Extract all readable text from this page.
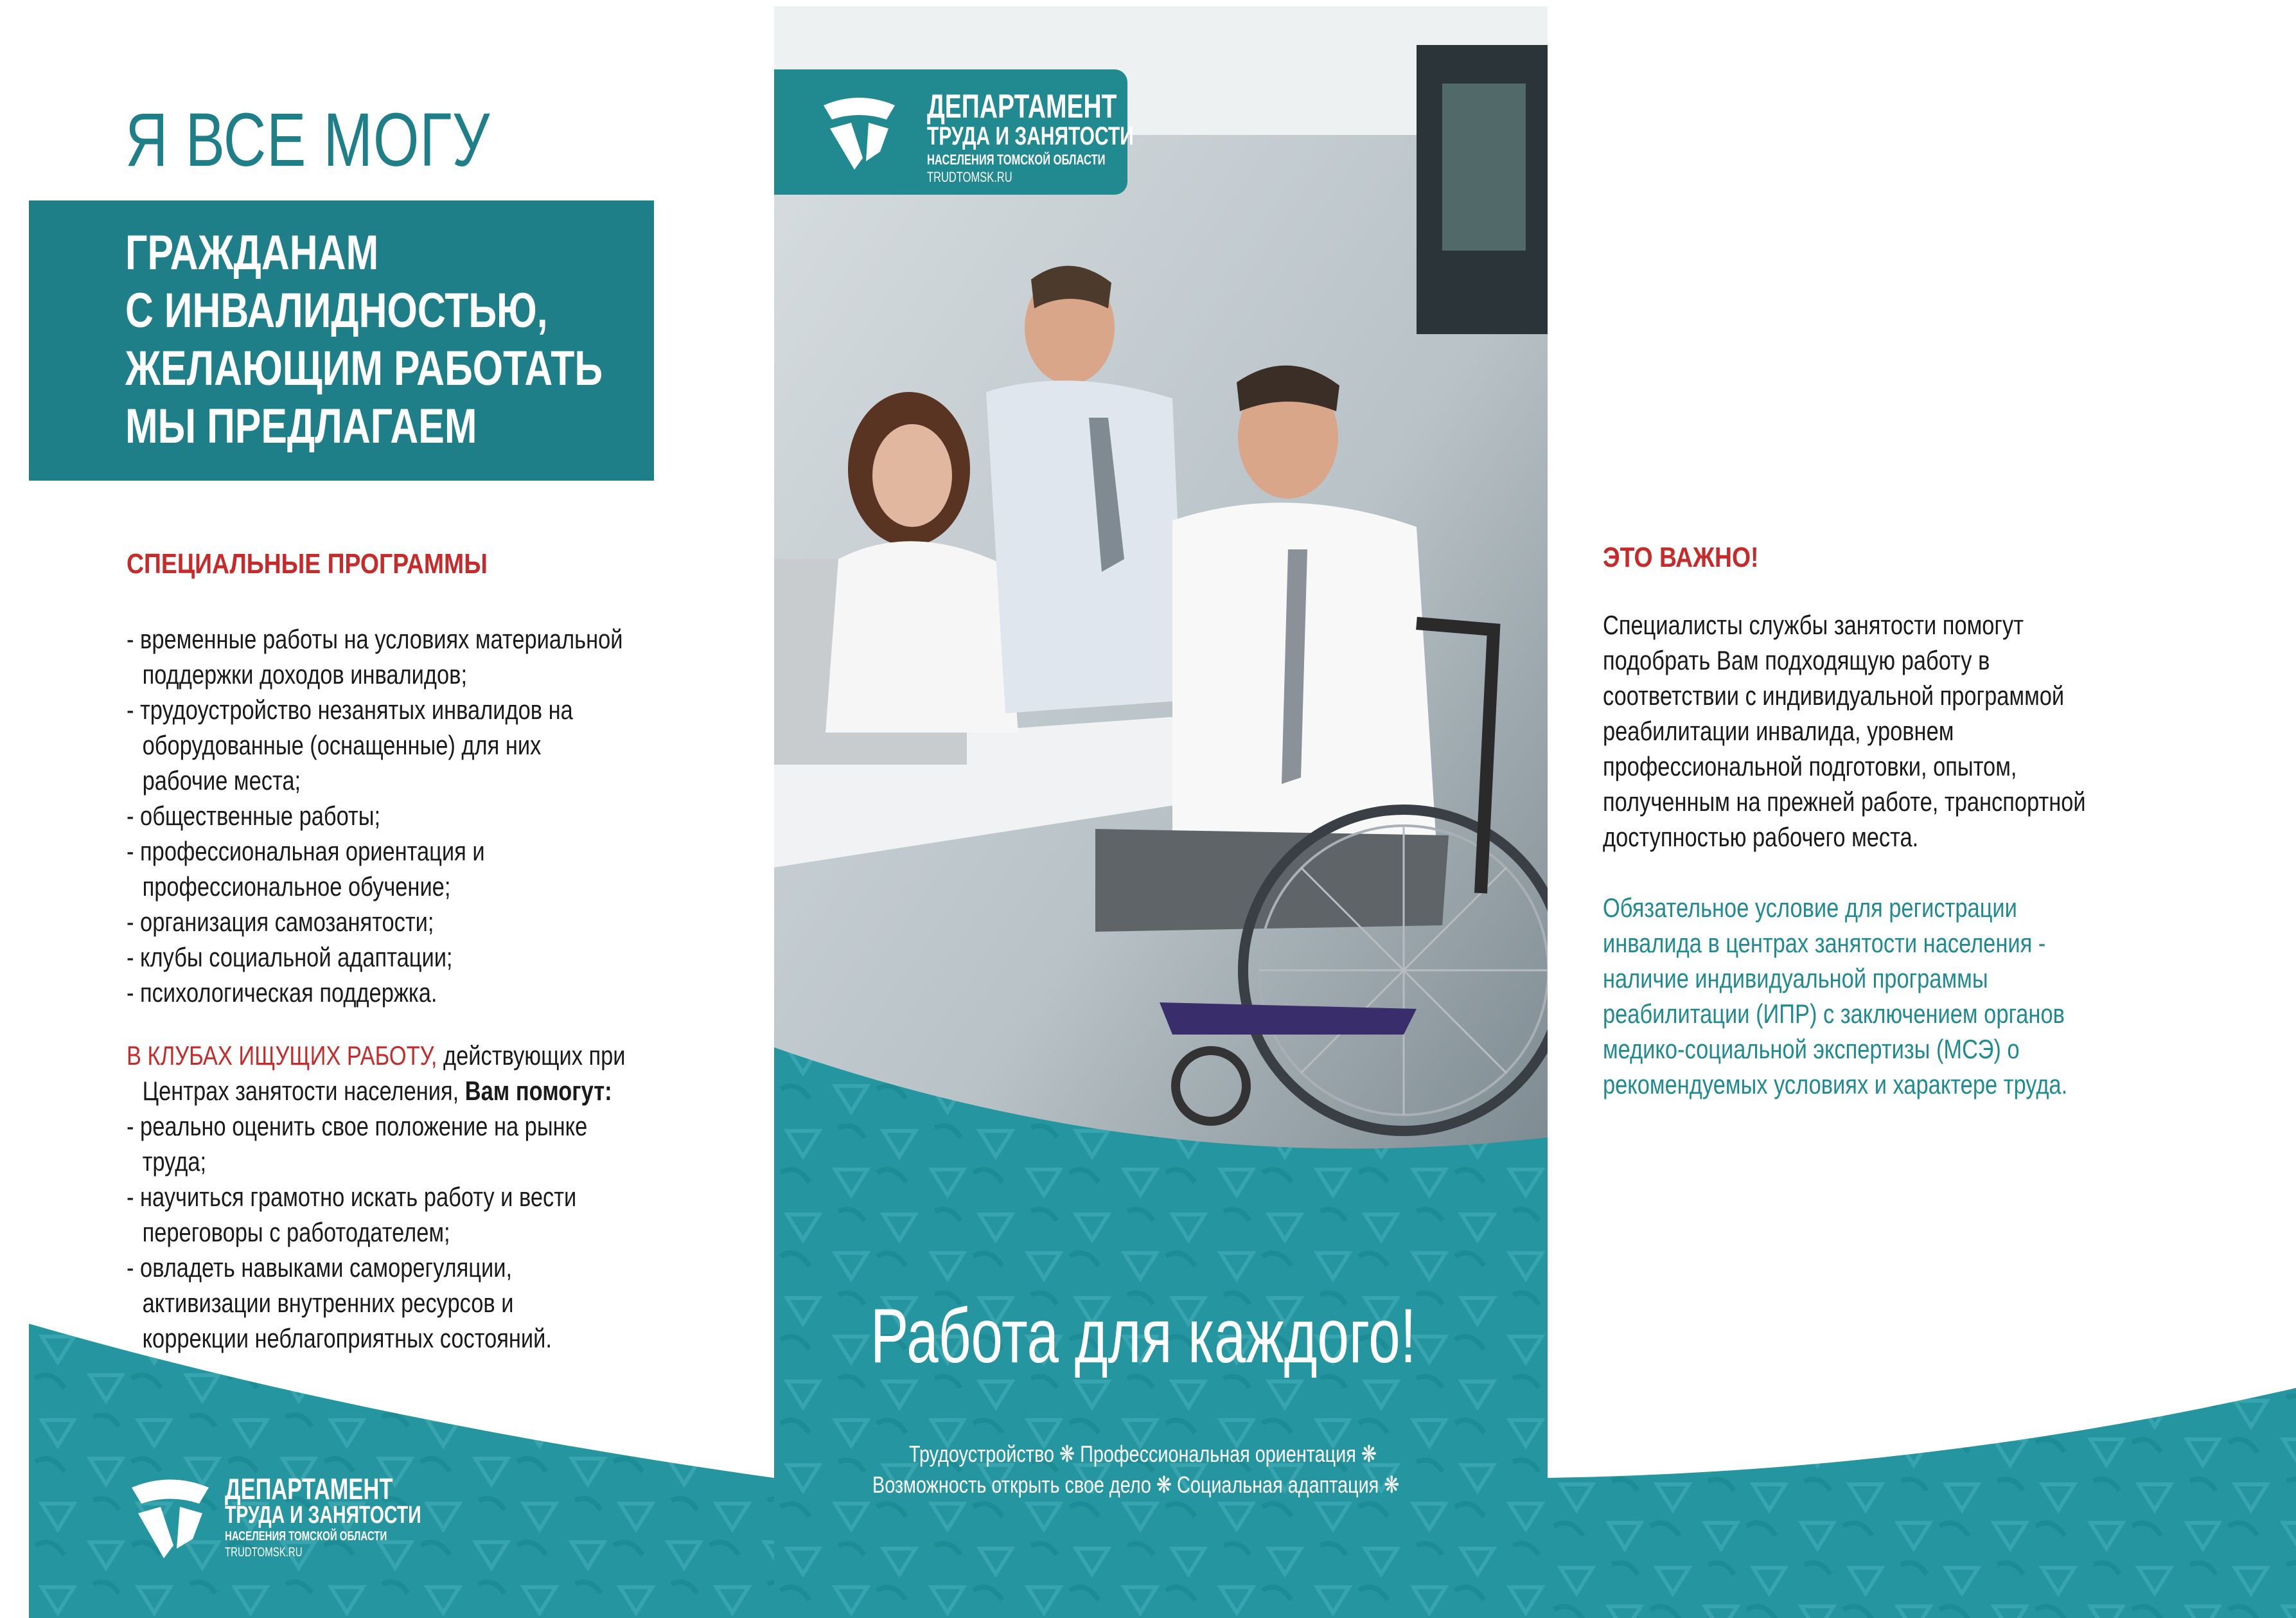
Я ВСЕ МОГУ
ГРАЖДАНАМ
С ИНВАЛИДНОСТЬЮ,
ЖЕЛАЮЩИМ РАБОТАТЬ
МЫ ПРЕДЛАГАЕМ
СПЕЦИАЛЬНЫЕ ПРОГРАММЫ
- временные работы на условиях материальной
поддержки доходов инвалидов;
- трудоустройство незанятых инвалидов на
оборудованные (оснащенные) для них
рабочие места;
- общественные работы;
- профессиональная ориентация и
профессиональное обучение;
- организация самозанятости;
- клубы социальной адаптации;
- психологическая поддержка.
В КЛУБАХ ИЩУЩИХ РАБОТУ, действующих при
Центрах занятости населения, Вам помогут:
- реально оценить свое положение на рынке
труда;
- научиться грамотно искать работу и вести
переговоры с работодателем;
- овладеть навыками саморегуляции,
активизации внутренних ресурсов и
коррекции неблагоприятных состояний.
ДЕПАРТАМЕНТ
ТРУДА И ЗАНЯТОСТИ
НАСЕЛЕНИЯ ТОМСКОЙ ОБЛАСТИ
TRUDTOMSK.RU
ДЕПАРТАМЕНТ
ТРУДА И ЗАНЯТОСТИ
НАСЕЛЕНИЯ ТОМСКОЙ ОБЛАСТИ
TRUDTOMSK.RU
Работа для каждого!
Трудоустройство ❋ Профессиональная ориентация ❋
Возможность открыть свое дело ❋ Социальная адаптация ❋
ЭТО ВАЖНО!
Специалисты службы занятости помогут
подобрать Вам подходящую работу в
соответствии с индивидуальной программой
реабилитации инвалида, уровнем
профессиональной подготовки, опытом,
полученным на прежней работе, транспортной
доступностью рабочего места.
Обязательное условие для регистрации
инвалида в центрах занятости населения -
наличие индивидуальной программы
реабилитации (ИПР) с заключением органов
медико-социальной экспертизы (МСЭ) о
рекомендуемых условиях и характере труда.
